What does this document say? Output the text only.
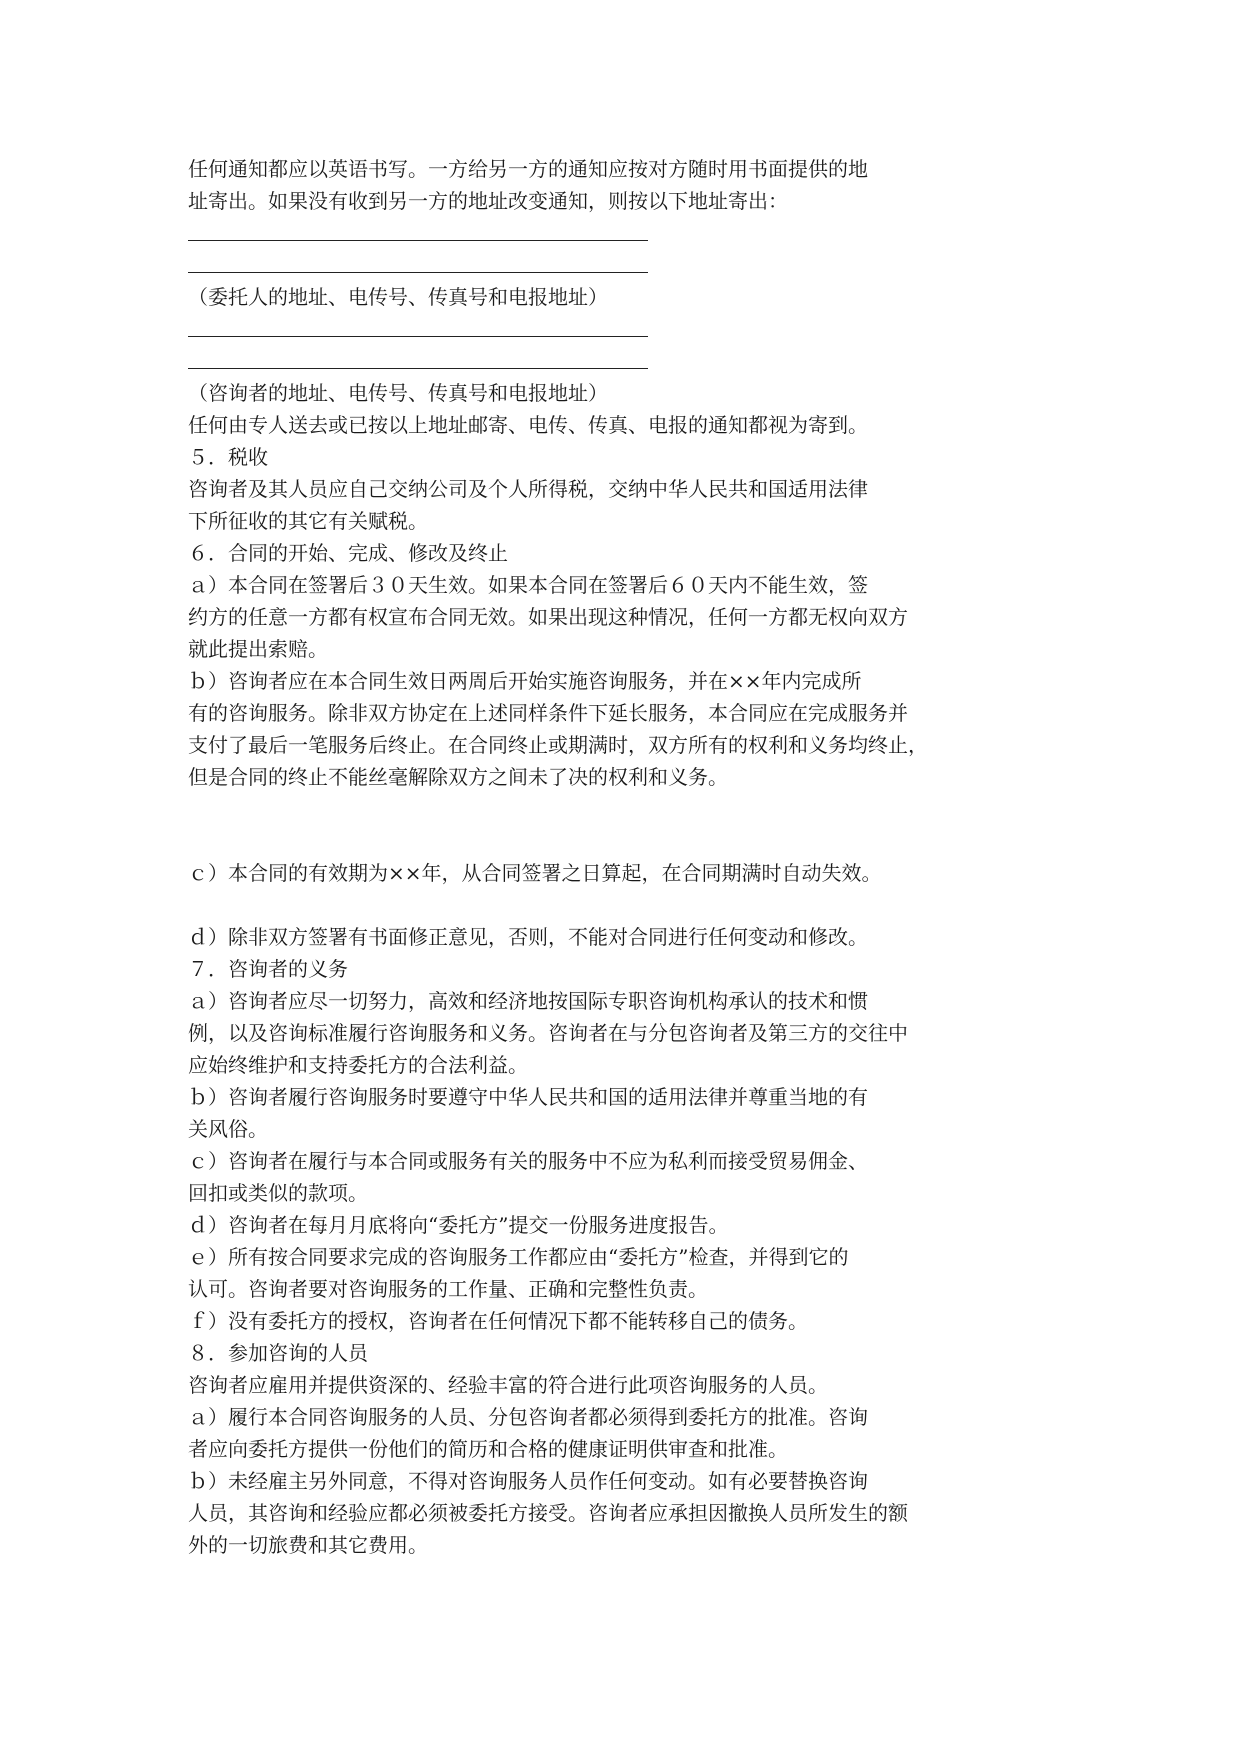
任何通知都应以英语书写。一方给另一方的通知应按对方随时用书面提供的地
址寄出。如果没有收到另一方的地址改变通知，则按以下地址寄出：
（委托人的地址、电传号、传真号和电报地址）
（咨询者的地址、电传号、传真号和电报地址）
任何由专人送去或已按以上地址邮寄、电传、传真、电报的通知都视为寄到。
５．税收
咨询者及其人员应自己交纳公司及个人所得税，交纳中华人民共和国适用法律
下所征收的其它有关赋税。
６．合同的开始、完成、修改及终止
ａ）本合同在签署后３０天生效。如果本合同在签署后６０天内不能生效，签
约方的任意一方都有权宣布合同无效。如果出现这种情况，任何一方都无权向双方
就此提出索赔。
ｂ）咨询者应在本合同生效日两周后开始实施咨询服务，并在××年内完成所
有的咨询服务。除非双方协定在上述同样条件下延长服务，本合同应在完成服务并
支付了最后一笔服务后终止。在合同终止或期满时，双方所有的权利和义务均终止，
但是合同的终止不能丝毫解除双方之间未了决的权利和义务。
ｃ）本合同的有效期为××年，从合同签署之日算起，在合同期满时自动失效。
ｄ）除非双方签署有书面修正意见，否则，不能对合同进行任何变动和修改。
７．咨询者的义务
ａ）咨询者应尽一切努力，高效和经济地按国际专职咨询机构承认的技术和惯
例，以及咨询标准履行咨询服务和义务。咨询者在与分包咨询者及第三方的交往中
应始终维护和支持委托方的合法利益。
ｂ）咨询者履行咨询服务时要遵守中华人民共和国的适用法律并尊重当地的有
关风俗。
ｃ）咨询者在履行与本合同或服务有关的服务中不应为私利而接受贸易佣金、
回扣或类似的款项。
ｄ）咨询者在每月月底将向“委托方”提交一份服务进度报告。
ｅ）所有按合同要求完成的咨询服务工作都应由“委托方”检查，并得到它的
认可。咨询者要对咨询服务的工作量、正确和完整性负责。
ｆ）没有委托方的授权，咨询者在任何情况下都不能转移自己的债务。
８．参加咨询的人员
咨询者应雇用并提供资深的、经验丰富的符合进行此项咨询服务的人员。
ａ）履行本合同咨询服务的人员、分包咨询者都必须得到委托方的批准。咨询
者应向委托方提供一份他们的简历和合格的健康证明供审查和批准。
ｂ）未经雇主另外同意，不得对咨询服务人员作任何变动。如有必要替换咨询
人员，其咨询和经验应都必须被委托方接受。咨询者应承担因撤换人员所发生的额
外的一切旅费和其它费用。
